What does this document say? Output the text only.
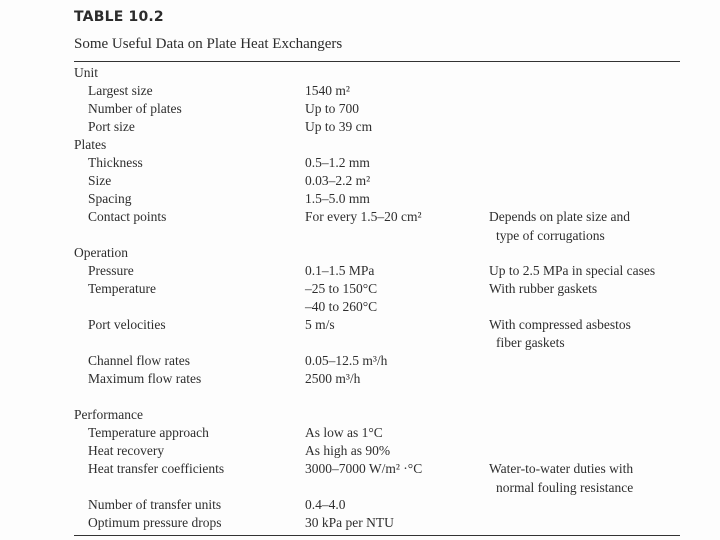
TABLE 10.2
Some Useful Data on Plate Heat Exchangers
Unit
Largest size	1540 m²
Number of plates	Up to 700
Port size	Up to 39 cm
Plates
Thickness	0.5–1.2 mm
Size	0.03–2.2 m²
Spacing	1.5–5.0 mm
Contact points	For every 1.5–20 cm²	Depends on plate size and
type of corrugations
Operation
Pressure	0.1–1.5 MPa	Up to 2.5 MPa in special cases
Temperature	–25 to 150°C	With rubber gaskets
–40 to 260°C
Port velocities	5 m/s	With compressed asbestos
fiber gaskets
Channel flow rates	0.05–12.5 m³/h
Maximum flow rates	2500 m³/h
Performance
Temperature approach	As low as 1°C
Heat recovery	As high as 90%
Heat transfer coefficients	3000–7000 W/m² ·°C	Water-to-water duties with
normal fouling resistance
Number of transfer units	0.4–4.0
Optimum pressure drops	30 kPa per NTU
